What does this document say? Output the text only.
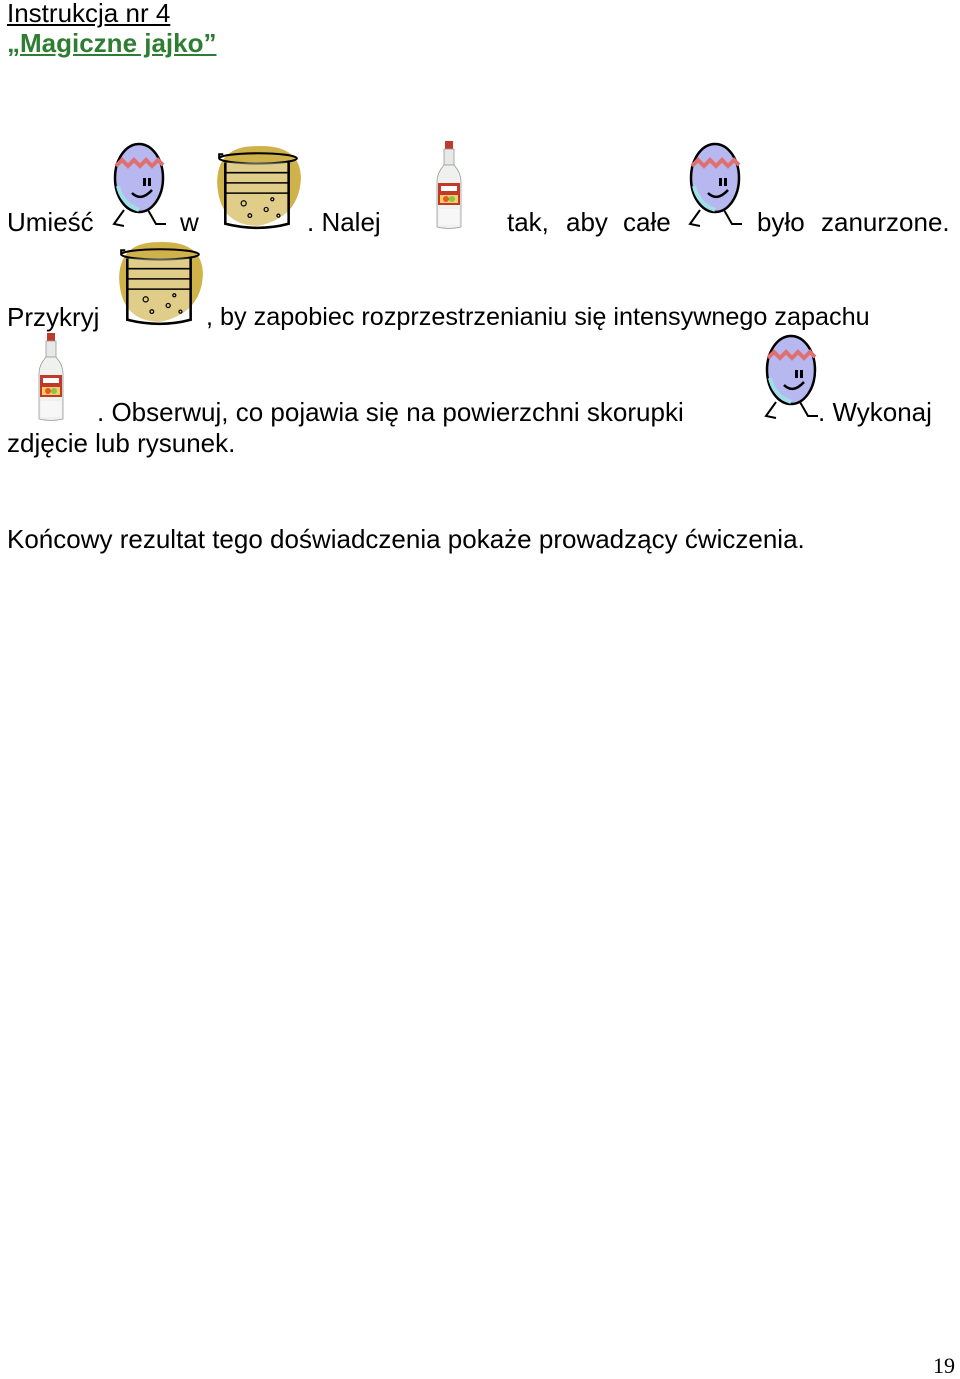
Instrukcja nr 4
„Magiczne jajko”
Umieść	w	. Nalej	tak, aby całe	było zanurzone.
Przykryj	, by zapobiec rozprzestrzenianiu się intensywnego zapachu
. Obserwuj, co pojawia się na powierzchni skorupki	. Wykonaj
zdjęcie lub rysunek.
Końcowy rezultat tego doświadczenia pokaże prowadzący ćwiczenia.
19
